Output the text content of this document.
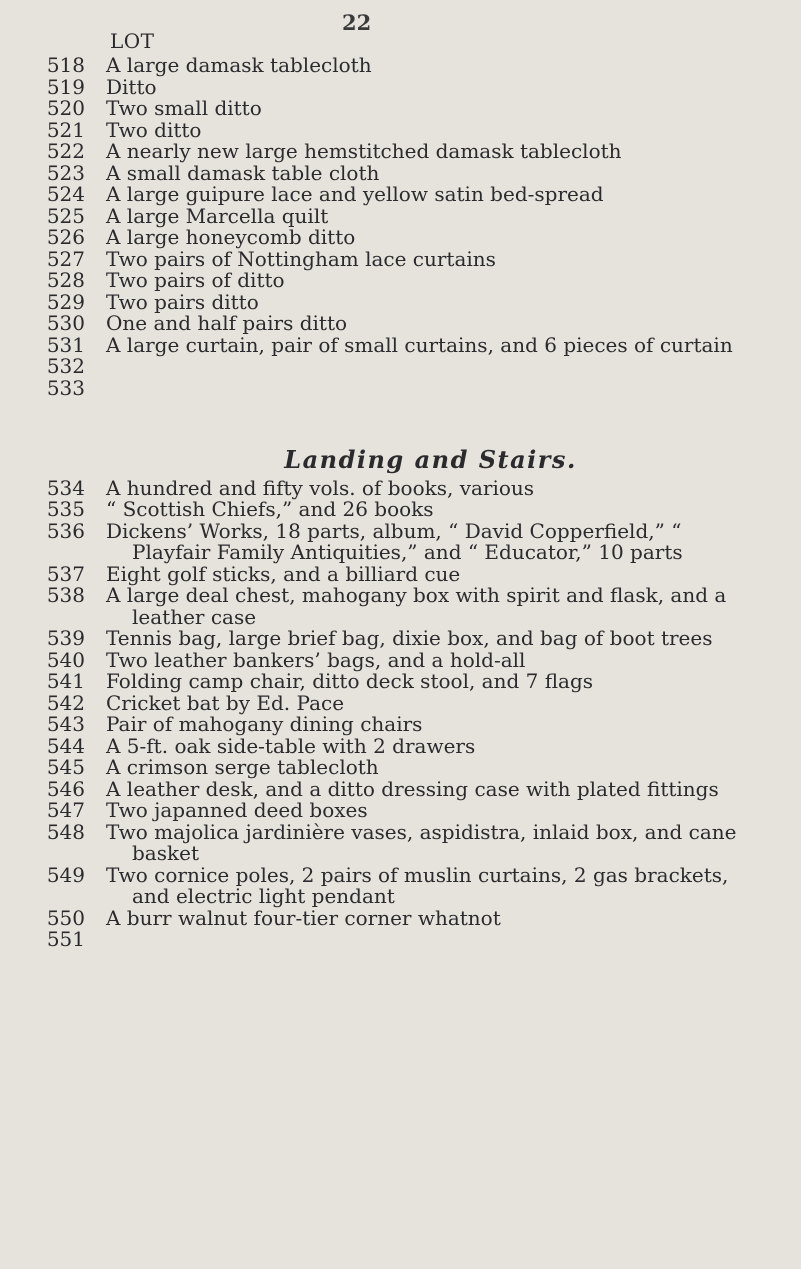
22
LOT
518	A large damask tablecloth
519	Ditto
520	Two small ditto
521	Two ditto
522	A nearly new large hemstitched damask tablecloth
523	A small damask table cloth
524	A large guipure lace and yellow satin bed-spread
525	A large Marcella quilt
526	A large honeycomb ditto
527	Two pairs of Nottingham lace curtains
528	Two pairs of ditto
529	Two pairs ditto
530	One and half pairs ditto
531	A large curtain, pair of small curtains, and 6 pieces of curtain
532
533
Landing and Stairs.
534	A hundred and fifty vols. of books, various
535	“ Scottish Chiefs,” and 26 books
536	Dickens’ Works, 18 parts, album, “ David Copperfield,” “ Playfair Family Antiquities,” and “ Educator,” 10 parts
537	Eight golf sticks, and a billiard cue
538	A large deal chest, mahogany box with spirit and flask, and a leather case
539	Tennis bag, large brief bag, dixie box, and bag of boot trees
540	Two leather bankers’ bags, and a hold-all
541	Folding camp chair, ditto deck stool, and 7 flags
542	Cricket bat by Ed. Pace
543	Pair of mahogany dining chairs
544	A 5-ft. oak side-table with 2 drawers
545	A crimson serge tablecloth
546	A leather desk, and a ditto dressing case with plated fittings
547	Two japanned deed boxes
548	Two majolica jardinière vases, aspidistra, inlaid box, and cane basket
549	Two cornice poles, 2 pairs of muslin curtains, 2 gas brackets, and electric light pendant
550	A burr walnut four-tier corner whatnot
551
